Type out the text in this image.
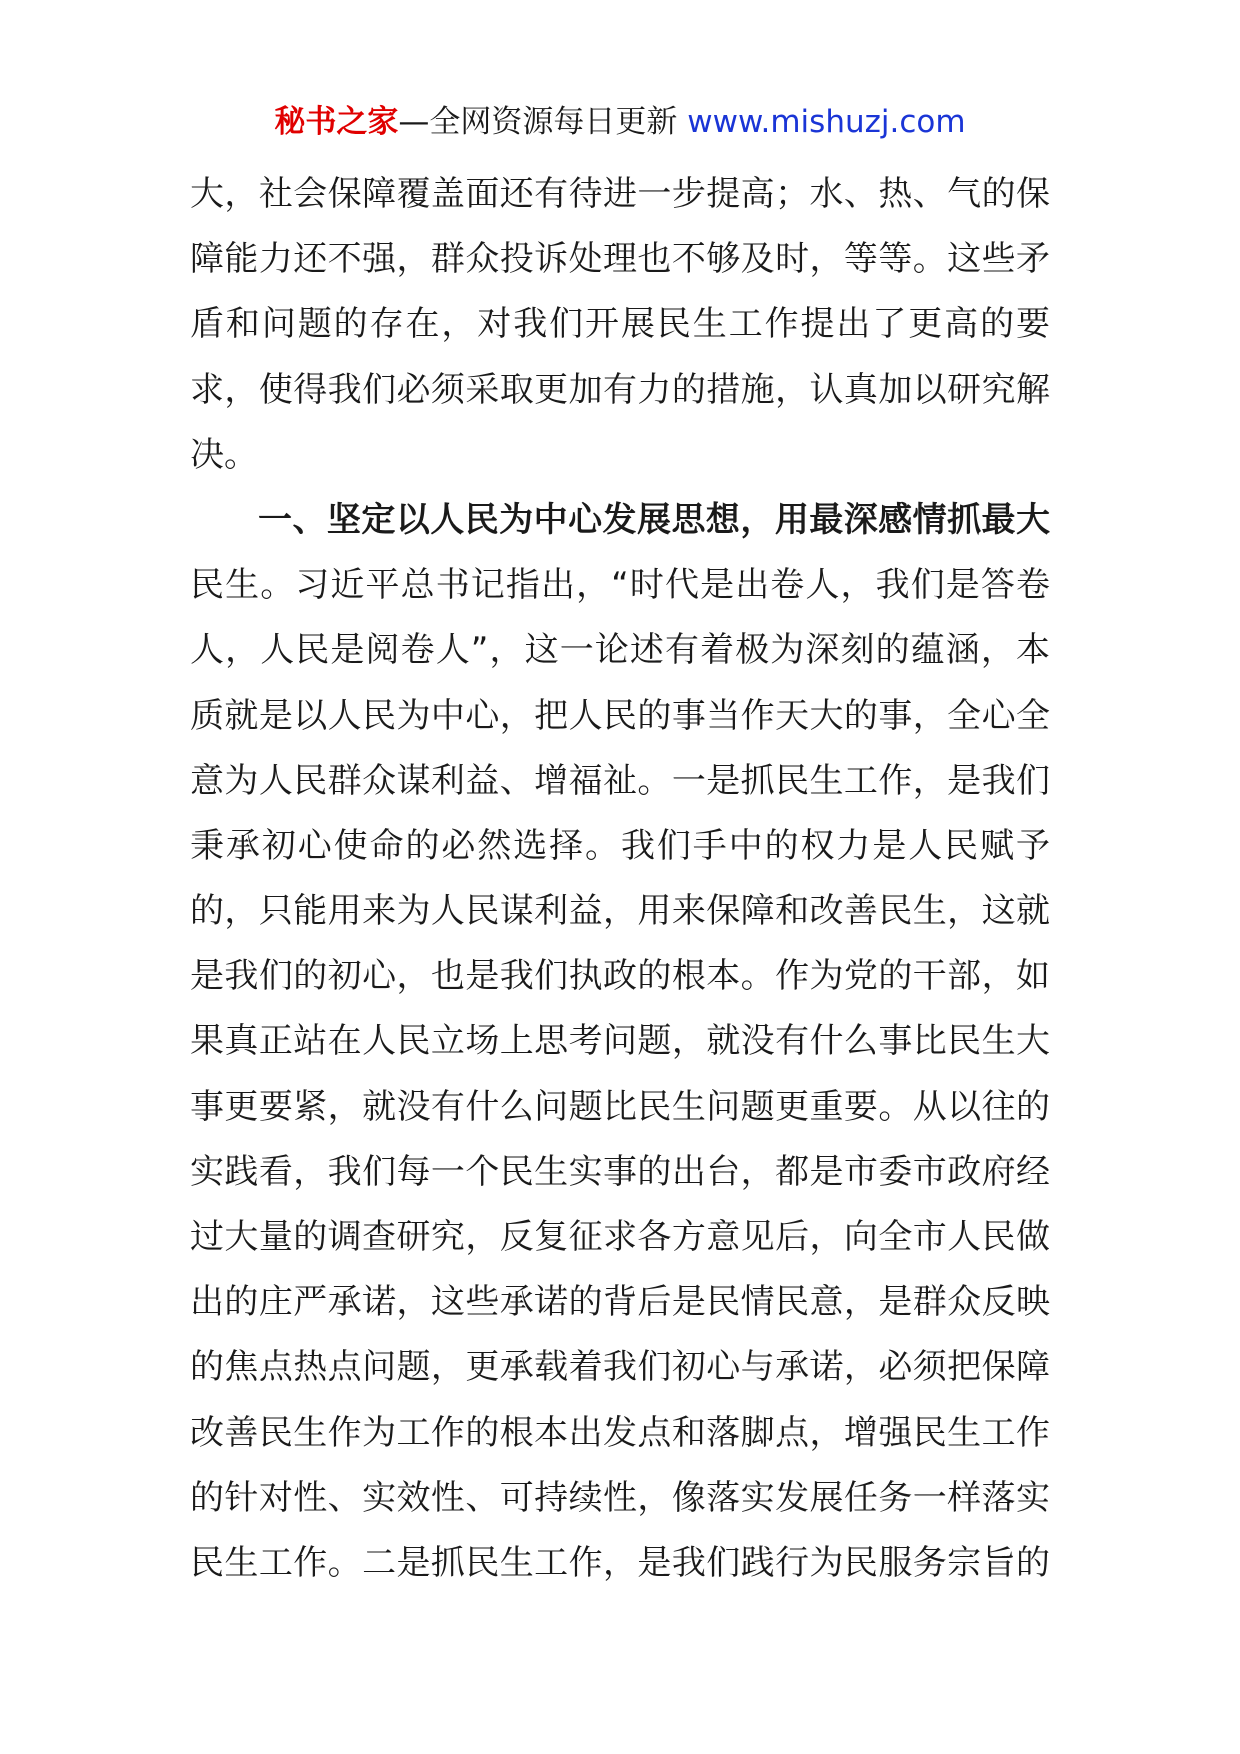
秘书之家—全网资源每日更新 www.mishuzj.com
大，社会保障覆盖面还有待进一步提高；水、热、气的保
障能力还不强，群众投诉处理也不够及时，等等。这些矛
盾和问题的存在，对我们开展民生工作提出了更高的要
求，使得我们必须采取更加有力的措施，认真加以研究解
决。
一、坚定以人民为中心发展思想，用最深感情抓最大
民生。习近平总书记指出，“时代是出卷人，我们是答卷
人，人民是阅卷人”，这一论述有着极为深刻的蕴涵，本
质就是以人民为中心，把人民的事当作天大的事，全心全
意为人民群众谋利益、增福祉。一是抓民生工作，是我们
秉承初心使命的必然选择。我们手中的权力是人民赋予
的，只能用来为人民谋利益，用来保障和改善民生，这就
是我们的初心，也是我们执政的根本。作为党的干部，如
果真正站在人民立场上思考问题，就没有什么事比民生大
事更要紧，就没有什么问题比民生问题更重要。从以往的
实践看，我们每一个民生实事的出台，都是市委市政府经
过大量的调查研究，反复征求各方意见后，向全市人民做
出的庄严承诺，这些承诺的背后是民情民意，是群众反映
的焦点热点问题，更承载着我们初心与承诺，必须把保障
改善民生作为工作的根本出发点和落脚点，增强民生工作
的针对性、实效性、可持续性，像落实发展任务一样落实
民生工作。二是抓民生工作，是我们践行为民服务宗旨的
